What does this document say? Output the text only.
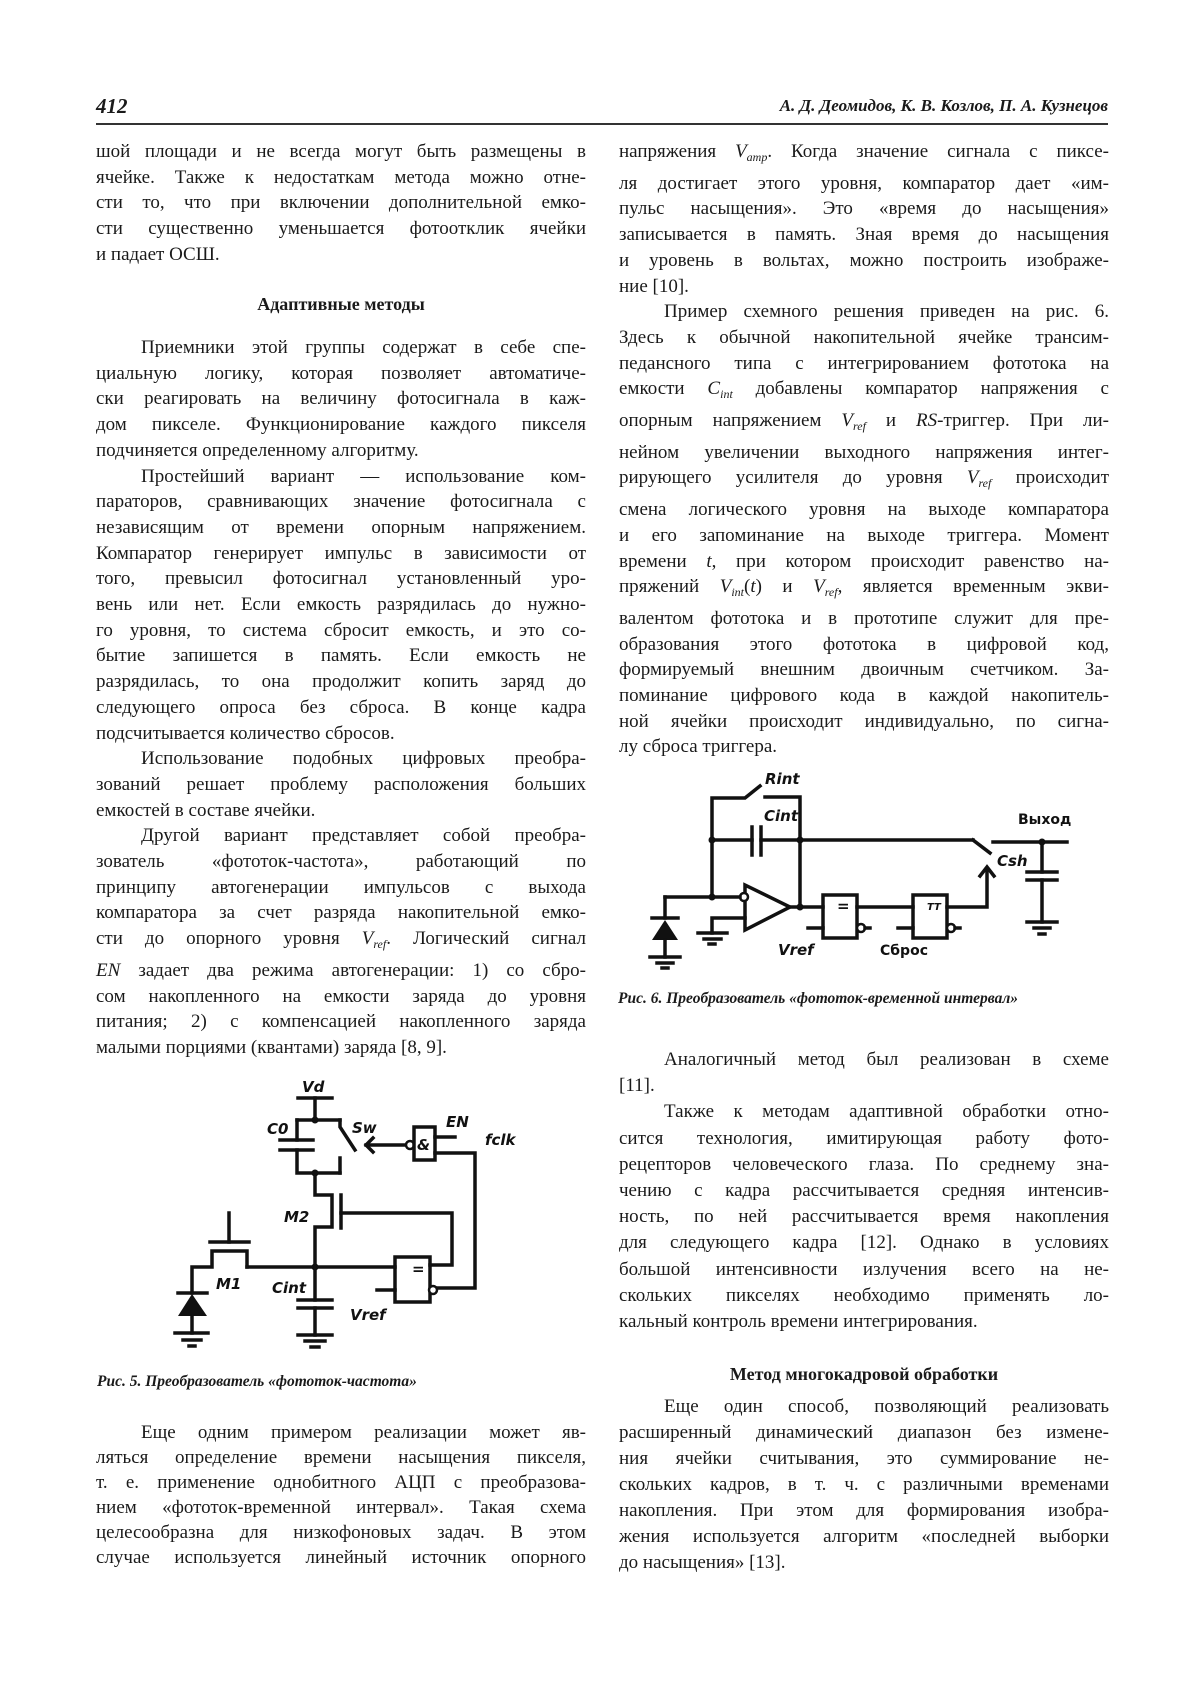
412	А. Д. Деомидов, К. В. Козлов, П. А. Кузнецов
шой площади и не всегда могут быть размещены в
ячейке. Также к недостаткам метода можно отне-
сти то, что при включении дополнительной емко-
сти существенно уменьшается фотоотклик ячейки
и падает ОСШ.
Адаптивные методы
Приемники этой группы содержат в себе спе-
циальную логику, которая позволяет автоматиче-
ски реагировать на величину фотосигнала в каж-
дом пикселе. Функционирование каждого пикселя
подчиняется определенному алгоритму.
Простейший вариант — использование ком-
параторов, сравнивающих значение фотосигнала с
независящим от времени опорным напряжением.
Компаратор генерирует импульс в зависимости от
того, превысил фотосигнал установленный уро-
вень или нет. Если емкость разрядилась до нужно-
го уровня, то система сбросит емкость, и это со-
бытие запишется в память. Если емкость не
разрядилась, то она продолжит копить заряд до
следующего опроса без сброса. В конце кадра
подсчитывается количество сбросов.
Использование подобных цифровых преобра-
зований решает проблему расположения больших
емкостей в составе ячейки.
Другой вариант представляет собой преобра-
зователь «фототок-частота», работающий по
принципу автогенерации импульсов с выхода
компаратора за счет разряда накопительной емко-
сти до опорного уровня $V_{ref}$. Логический сигнал
EN задает два режима автогенерации: 1) со сбро-
сом накопленного на емкости заряда до уровня
питания; 2) с компенсацией накопленного заряда
малыми порциями (квантами) заряда [8, 9].
&
=
Vd
C0	Sw	EN
fclk
M2
M1 Cint
Vref
Рис. 5. Преобразователь «фототок-частота»
Еще одним примером реализации может яв-
ляться определение времени насыщения пикселя,
т. е. применение однобитного АЦП с преобразова-
нием «фототок-временной интервал». Такая схема
целесообразна для низкофоновых задач. В этом
случае используется линейный источник опорного
напряжения $V_{amp}$. Когда значение сигнала с пиксе-
ля достигает этого уровня, компаратор дает «им-
пульс насыщения». Это «время до насыщения»
записывается в память. Зная время до насыщения
и уровень в вольтах, можно построить изображе-
ние [10].
Пример схемного решения приведен на рис. 6.
Здесь к обычной накопительной ячейке трансим-
педансного типа с интегрированием фототока на
емкости $C_{int}$ добавлены компаратор напряжения с
опорным напряжением $V_{ref}$ и RS-триггер. При ли-
нейном увеличении выходного напряжения интег-
рирующего усилителя до уровня $V_{ref}$ происходит
смена логического уровня на выходе компаратора
и его запоминание на выходе триггера. Момент
времени t, при котором происходит равенство на-
пряжений $V_{int}(t)$ и $V_{ref}$, является временным экви-
валентом фототока и в прототипе служит для пре-
образования этого фототока в цифровой код,
формируемый внешним двоичным счетчиком. За-
поминание цифрового кода в каждой накопитель-
ной ячейки происходит индивидуально, по сигна-
лу сброса триггера.
=	TT
Rint
Cint	Выход
Csh
Vref	Сброс
Рис. 6. Преобразователь «фототок-временной интервал»
Аналогичный метод был реализован в схеме
[11].
Также к методам адаптивной обработки отно-
сится технология, имитирующая работу фото-
рецепторов человеческого глаза. По среднему зна-
чению с кадра рассчитывается средняя интенсив-
ность, по ней рассчитывается время накопления
для следующего кадра [12]. Однако в условиях
большой интенсивности излучения всего на не-
скольких пикселях необходимо применять ло-
кальный контроль времени интегрирования.
Метод многокадровой обработки
Еще один способ, позволяющий реализовать
расширенный динамический диапазон без измене-
ния ячейки считывания, это суммирование не-
скольких кадров, в т. ч. с различными временами
накопления. При этом для формирования изобра-
жения используется алгоритм «последней выборки
до насыщения» [13].
